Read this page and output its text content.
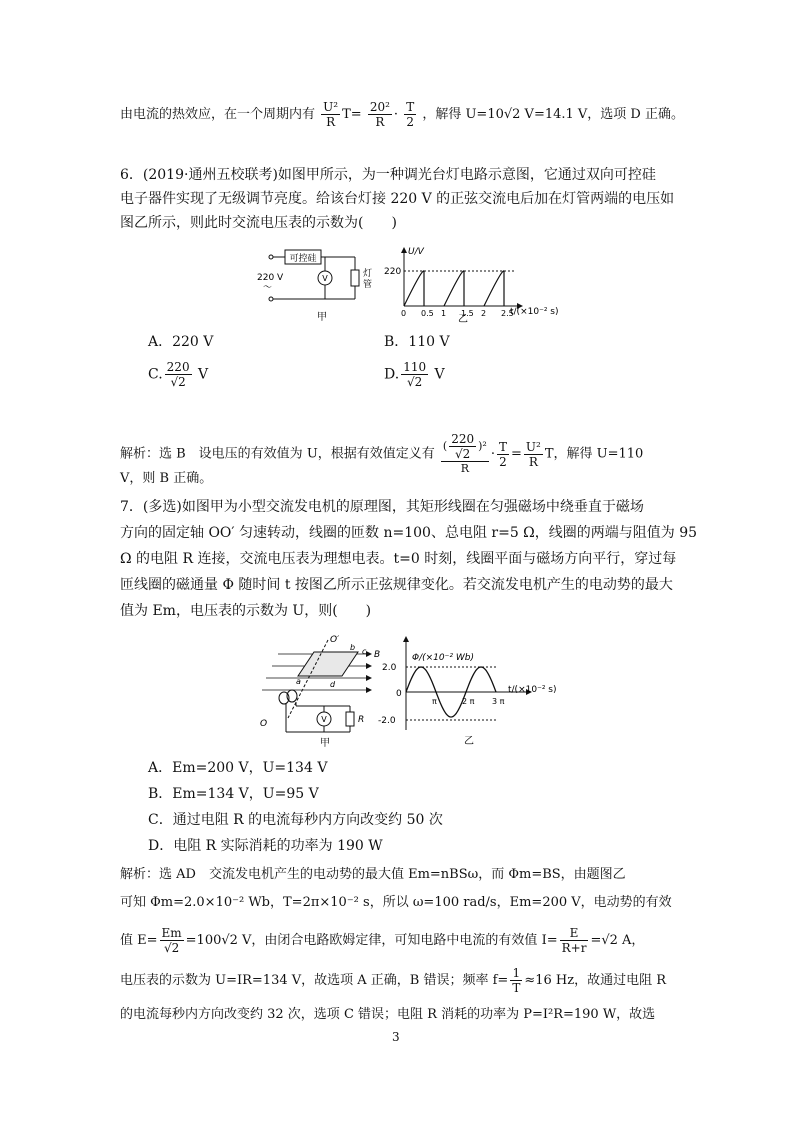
由电流的热效应，在一个周期内有 $\frac{\text{U²}}{R} T= \frac{\text{20²}}{R} \cdot \frac{T}{2}$ ，解得 U=10√2 V=14.1 V，选项 D 正确。
6．(2019·通州五校联考)如图甲所示，为一种调光台灯电路示意图，它通过双向可控硅
电子器件实现了无级调节亮度。给该台灯接 220 V 的正弦交流电后加在灯管两端的电压如
图乙所示，则此时交流电压表的示数为(　　)
可控硅
V	灯管
220 V
～
甲
U/V
220
0 0.5 1 1.5 2 2.5
t/(×10⁻² s)
乙
A．220 V	B．110 V
C. $\frac{220}{√2}$ V	D. $\frac{110}{√2}$ V
解析：选 B　设电压的有效值为 U，根据有效值定义有 $\frac{( \frac{220}{√2} )^2}{R} \cdot \frac{T}{2} = \frac{\text{U²}}{R}$ T，解得 U=110
V，则 B 正确。
7．(多选)如图甲为小型交流发电机的原理图，其矩形线圈在匀强磁场中绕垂直于磁场
方向的固定轴 OO′ 匀速转动，线圈的匝数 n=100、总电阻 r=5 Ω，线圈的两端与阻值为 95
Ω 的电阻 R 连接，交流电压表为理想电表。t=0 时刻，线圈平面与磁场方向平行，穿过每
匝线圈的磁通量 Φ 随时间 t 按图乙所示正弦规律变化。若交流发电机产生的电动势的最大
值为 Em，电压表的示数为 U，则(　　)
O′
O
c
b
B
a	d
V	R
甲
Φ/(×10⁻² Wb)
2.0
-2.0
0
π	2 π 3 π
t/(×10⁻² s)
乙
A．Em=200 V，U=134 V
B．Em=134 V，U=95 V
C．通过电阻 R 的电流每秒内方向改变约 50 次
D．电阻 R 实际消耗的功率为 190 W
解析：选 AD　交流发电机产生的电动势的最大值 Em=nBSω，而 Φm=BS，由题图乙
可知 Φm=2.0×10⁻² Wb，T=2π×10⁻² s，所以 ω=100 rad/s，Em=200 V，电动势的有效
值 $E= \frac{Em}{√2} =100√2$ V，由闭合电路欧姆定律，可知电路中电流的有效值 $I= \frac{E}{R+r} =√2$ A，
电压表的示数为 U=IR=134 V，故选项 A 正确，B 错误；频率 $f= \frac{1}{T} \approx 16$ Hz，故通过电阻 R
的电流每秒内方向改变约 32 次，选项 C 错误；电阻 R 消耗的功率为 P=I²R=190 W，故选
3
